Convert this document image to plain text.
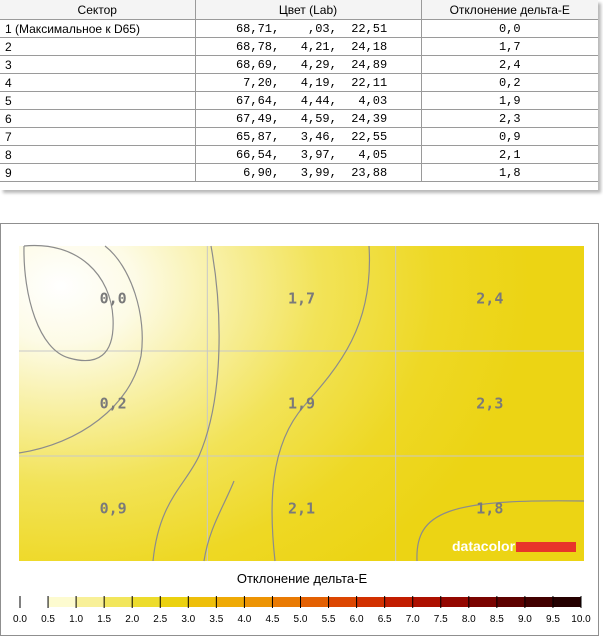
Сектор	Цвет (Lab)	Отклонение дельта-E
1 (Максимальное к D65)	68,71,    ,03,  22,51	0,0
2	68,78,   4,21,  24,18	1,7
3	68,69,   4,29,  24,89	2,4
4	7,20,   4,19,  22,11	0,2
5	67,64,   4,44,   4,03	1,9
6	67,49,   4,59,  24,39	2,3
7	65,87,   3,46,  22,55	0,9
8	66,54,   3,97,   4,05	2,1
9	6,90,   3,99,  23,88	1,8
0,0	1,7	2,4
0,2	1,9	2,3
0,9	2,1	1,8
datacolor
Отклонение дельта-E
0.0 0.5 1.0 1.5 2.0 2.5 3.0 3.5 4.0 4.5 5.0 5.5 6.0 6.5 7.0 7.5 8.0 8.5 9.0 9.5 10.0
